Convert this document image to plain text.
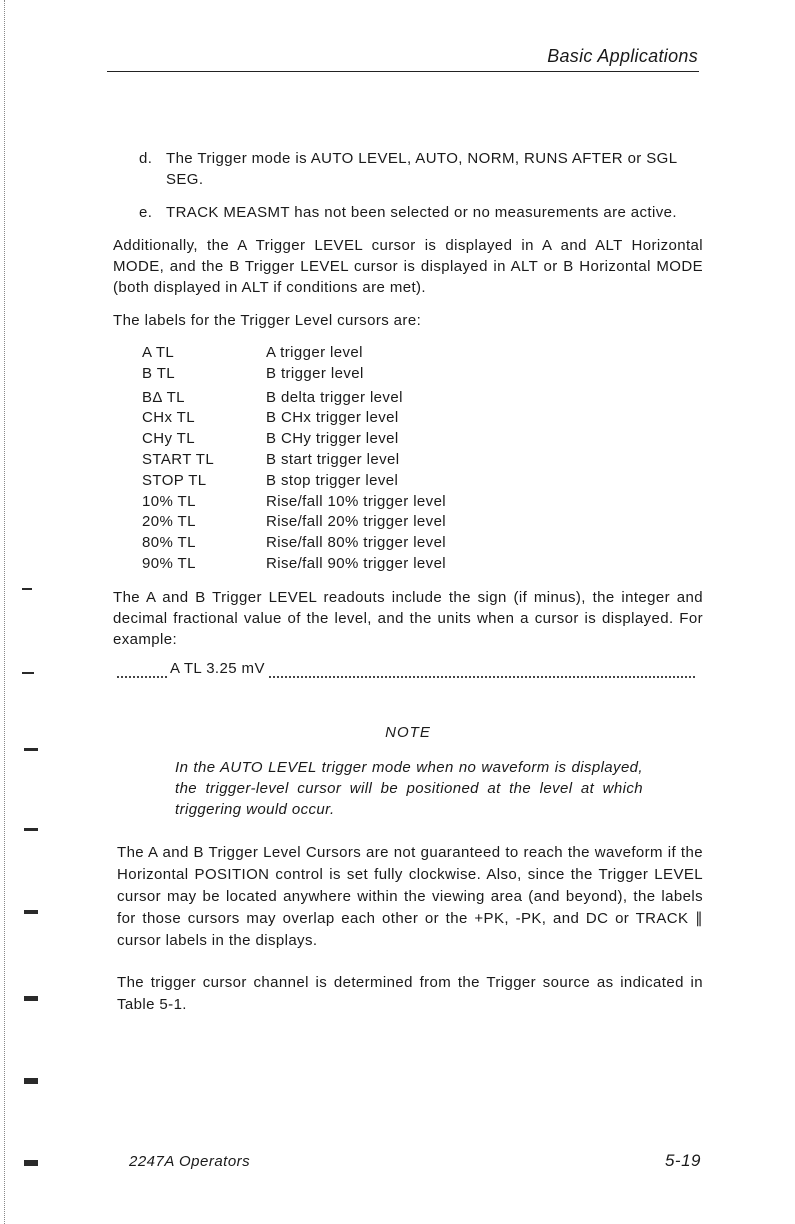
Basic Applications
d. The Trigger mode is AUTO LEVEL, AUTO, NORM, RUNS AFTER or SGL SEG.
e. TRACK MEASMT has not been selected or no measurements are active.

Additionally, the A Trigger LEVEL cursor is displayed in A and ALT Horizontal MODE, and the B Trigger LEVEL cursor is displayed in ALT or B Horizontal MODE (both displayed in ALT if conditions are met).

The labels for the Trigger Level cursors are:

A TL	A trigger level
B TL	B trigger level
BΔ TL	B delta trigger level
CHx TL	B CHx trigger level
CHy TL	B CHy trigger level
START TL	B start trigger level
STOP TL	B stop trigger level
10% TL	Rise/fall 10% trigger level
20% TL	Rise/fall 20% trigger level
80% TL	Rise/fall 80% trigger level
90% TL	Rise/fall 90% trigger level

The A and B Trigger LEVEL readouts include the sign (if minus), the integer and decimal fractional value of the level, and the units when a cursor is displayed. For example:

A TL 3.25 mV
NOTE
In the AUTO LEVEL trigger mode when no waveform is displayed, the trigger-level cursor will be positioned at the level at which triggering would occur.

The A and B Trigger Level Cursors are not guaranteed to reach the waveform if the Horizontal POSITION control is set fully clockwise. Also, since the Trigger LEVEL cursor may be located anywhere within the viewing area (and beyond), the labels for those cursors may overlap each other or the +PK, -PK, and DC or TRACK ∥ cursor labels in the displays.

The trigger cursor channel is determined from the Trigger source as indicated in Table 5-1.

2247A Operators	5-19
